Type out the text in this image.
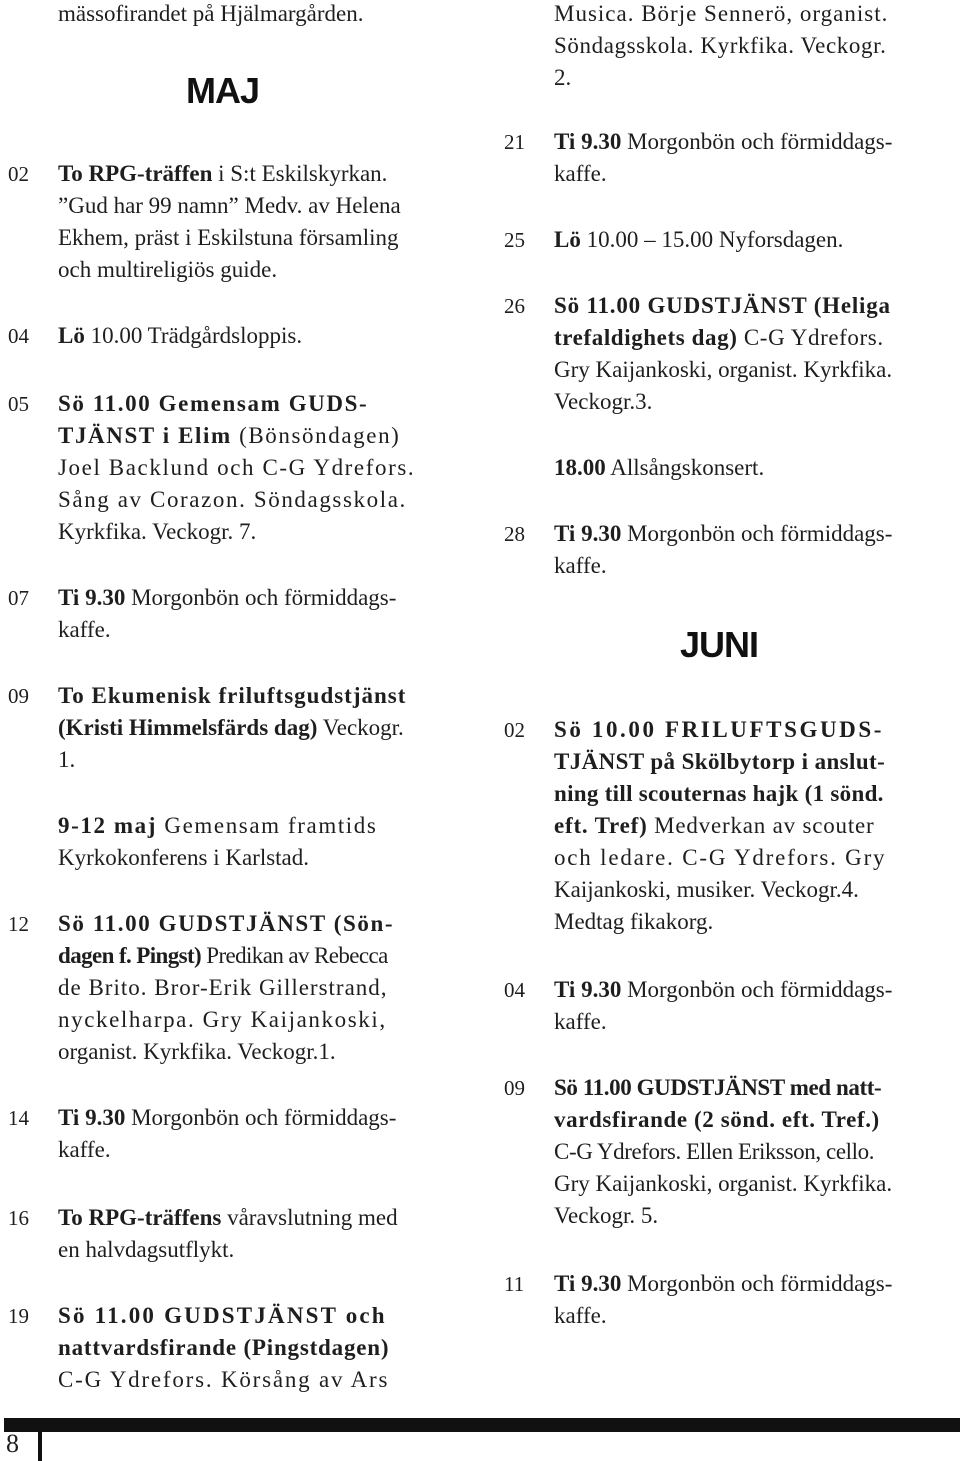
mässofirandet på Hjälmargården.
MAJ
02 To RPG-träffen i S:t Eskilskyrkan.
”Gud har 99 namn” Medv. av Helena
Ekhem, präst i Eskilstuna församling
och multireligiös guide.
04 Lö 10.00 Trädgårdsloppis.
05 Sö 11.00 Gemensam GUDS-
TJÄNST i Elim (Bönsöndagen)
Joel Backlund och C-G Ydrefors.
Sång av Corazon. Söndagsskola.
Kyrkfika. Veckogr. 7.
07 Ti 9.30 Morgonbön och förmiddags-
kaffe.
09 To Ekumenisk friluftsgudstjänst
(Kristi Himmelsfärds dag) Veckogr.
1.
9-12 maj Gemensam framtids
Kyrkokonferens i Karlstad.
12 Sö 11.00 GUDSTJÄNST (Sön-
dagen f. Pingst) Predikan av Rebecca
de Brito. Bror-Erik Gillerstrand,
nyckelharpa. Gry Kaijankoski,
organist. Kyrkfika. Veckogr.1.
14 Ti 9.30 Morgonbön och förmiddags-
kaffe.
16 To RPG-träffens våravslutning med
en halvdagsutflykt.
19 Sö 11.00 GUDSTJÄNST och
nattvardsfirande (Pingstdagen)
C-G Ydrefors. Körsång av Ars
Musica. Börje Sennerö, organist.
Söndagsskola. Kyrkfika. Veckogr.
2.
21 Ti 9.30 Morgonbön och förmiddags-
kaffe.
25 Lö 10.00 – 15.00 Nyforsdagen.
26 Sö 11.00 GUDSTJÄNST (Heliga
trefaldighets dag) C-G Ydrefors.
Gry Kaijankoski, organist. Kyrkfika.
Veckogr.3.
18.00 Allsångskonsert.
28 Ti 9.30 Morgonbön och förmiddags-
kaffe.
JUNI
02 Sö 10.00 FRILUFTSGUDS-
TJÄNST på Skölbytorp i anslut-
ning till scouternas hajk (1 sönd.
eft. Tref) Medverkan av scouter
och ledare. C-G Ydrefors. Gry
Kaijankoski, musiker. Veckogr.4.
Medtag fikakorg.
04 Ti 9.30 Morgonbön och förmiddags-
kaffe.
09 Sö 11.00 GUDSTJÄNST med natt-
vardsfirande (2 sönd. eft. Tref.)
C-G Ydrefors. Ellen Eriksson, cello.
Gry Kaijankoski, organist. Kyrkfika.
Veckogr. 5.
11 Ti 9.30 Morgonbön och förmiddags-
kaffe.
8
